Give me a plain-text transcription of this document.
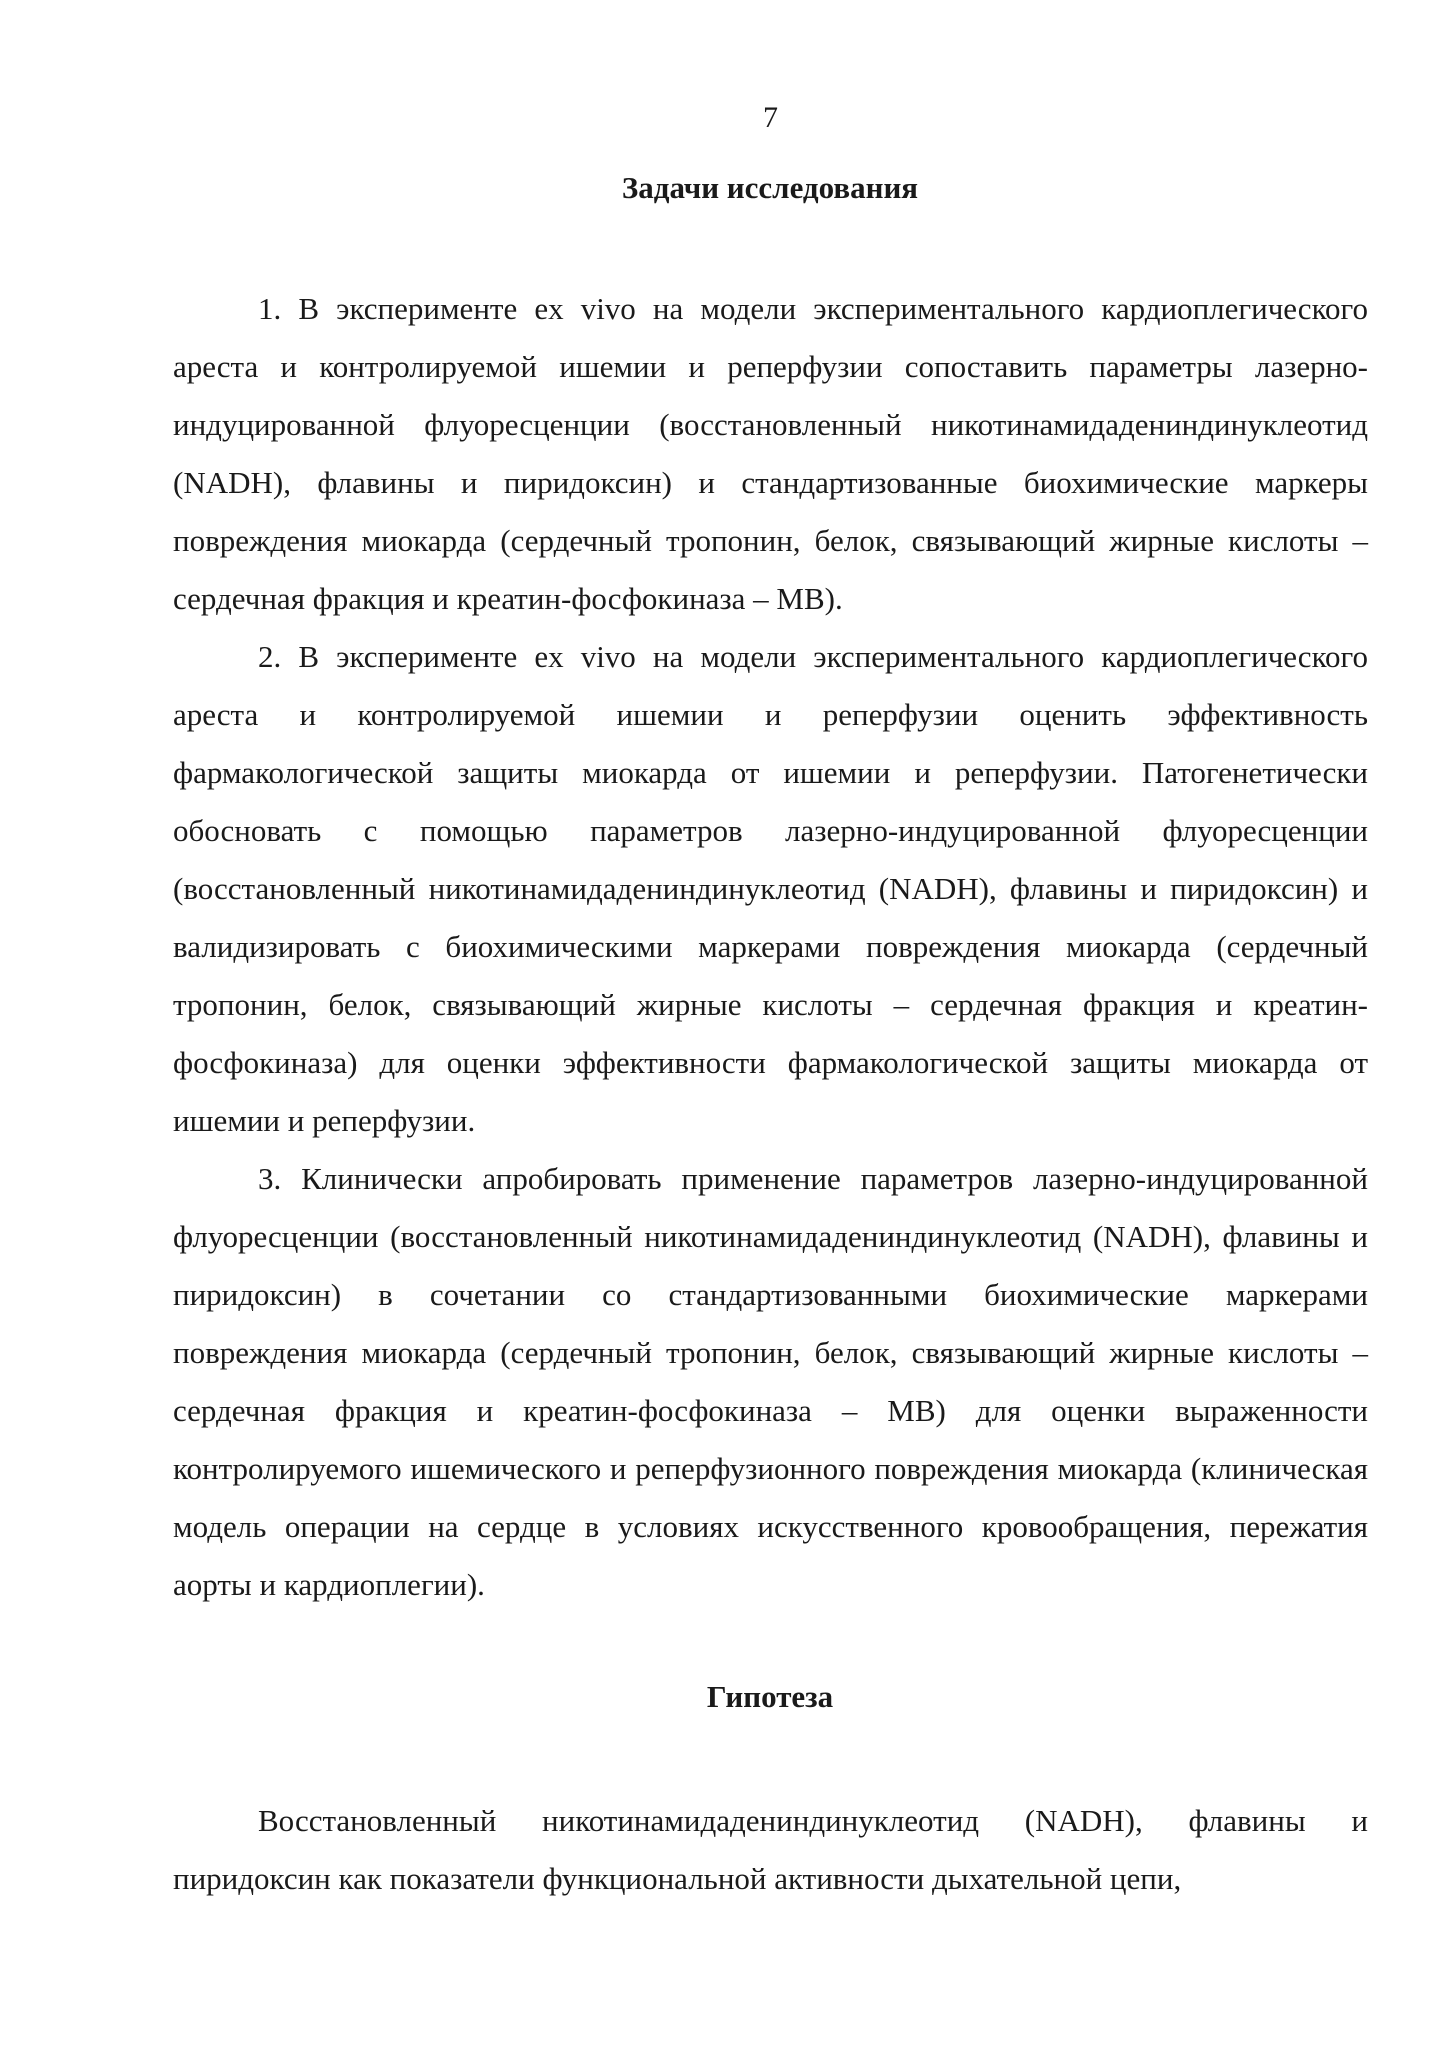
7
Задачи исследования

1. В эксперименте ex vivo на модели экспериментального кардиоплегического ареста и контролируемой ишемии и реперфузии сопоставить параметры лазерно-индуцированной флуоресценции (восстановленный никотинамидадениндинуклеотид (NADH), флавины и пиридоксин) и стандартизованные биохимические маркеры повреждения миокарда (сердечный тропонин, белок, связывающий жирные кислоты – сердечная фракция и креатин-фосфокиназа – MB).

2. В эксперименте ex vivo на модели экспериментального кардиоплегического ареста и контролируемой ишемии и реперфузии оценить эффективность фармакологической защиты миокарда от ишемии и реперфузии. Патогенетически обосновать с помощью параметров лазерно-индуцированной флуоресценции (восстановленный никотинамидадениндинуклеотид (NADH), флавины и пиридоксин) и валидизировать с биохимическими маркерами повреждения миокарда (сердечный тропонин, белок, связывающий жирные кислоты – сердечная фракция и креатин-фосфокиназа) для оценки эффективности фармакологической защиты миокарда от ишемии и реперфузии.

3. Клинически апробировать применение параметров лазерно-индуцированной флуоресценции (восстановленный никотинамидадениндинуклеотид (NADH), флавины и пиридоксин) в сочетании со стандартизованными биохимические маркерами повреждения миокарда (сердечный тропонин, белок, связывающий жирные кислоты – сердечная фракция и креатин-фосфокиназа – MB) для оценки выраженности контролируемого ишемического и реперфузионного повреждения миокарда (клиническая модель операции на сердце в условиях искусственного кровообращения, пережатия аорты и кардиоплегии).

Гипотеза

Восстановленный никотинамидадениндинуклеотид (NADH), флавины и пиридоксин как показатели функциональной активности дыхательной цепи,
